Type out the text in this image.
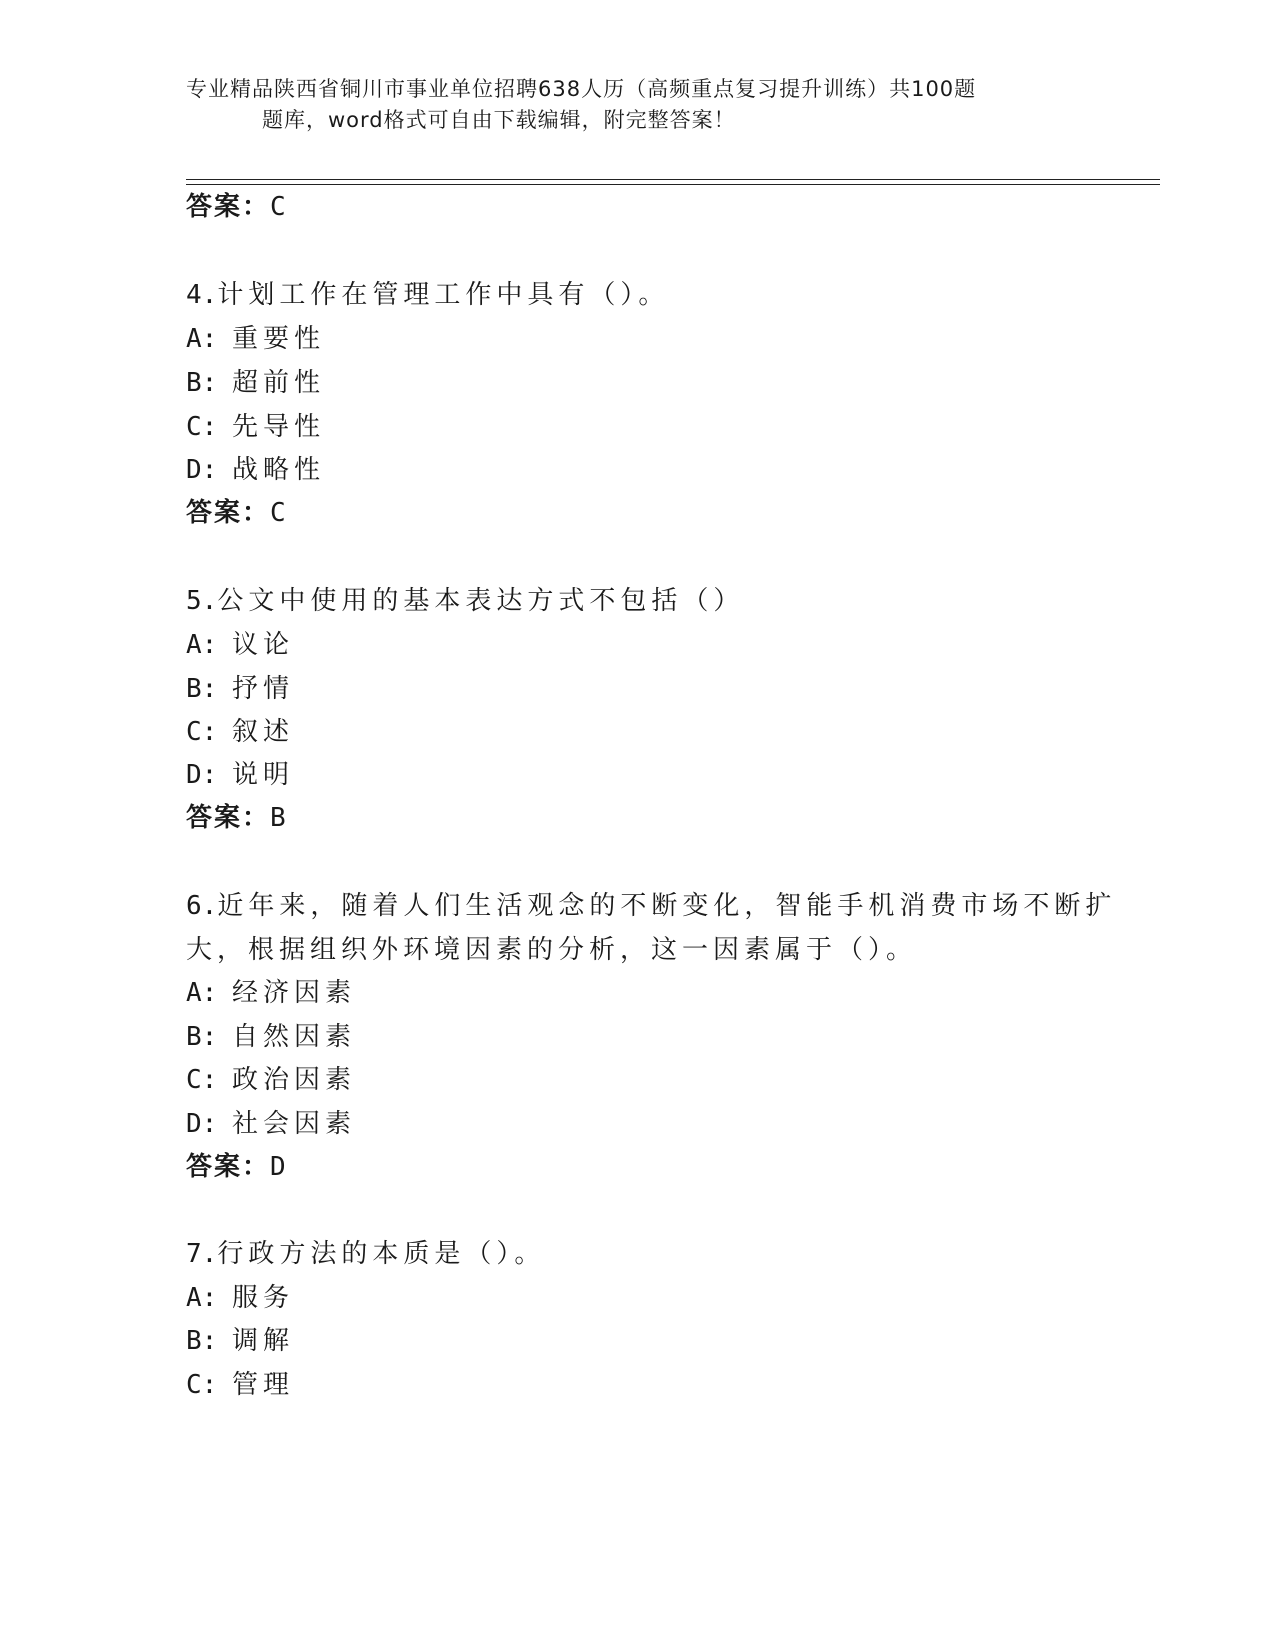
专业精品陕西省铜川市事业单位招聘638人历（高频重点复习提升训练）共100题
题库，word格式可自由下载编辑，附完整答案！
答案：C
4.计划工作在管理工作中具有（）。
A: 重要性
B: 超前性
C: 先导性
D: 战略性
答案：C
5.公文中使用的基本表达方式不包括（）
A: 议论
B: 抒情
C: 叙述
D: 说明
答案：B
6.近年来，随着人们生活观念的不断变化，智能手机消费市场不断扩
大，根据组织外环境因素的分析，这一因素属于（）。
A: 经济因素
B: 自然因素
C: 政治因素
D: 社会因素
答案：D
7.行政方法的本质是（）。
A: 服务
B: 调解
C: 管理
